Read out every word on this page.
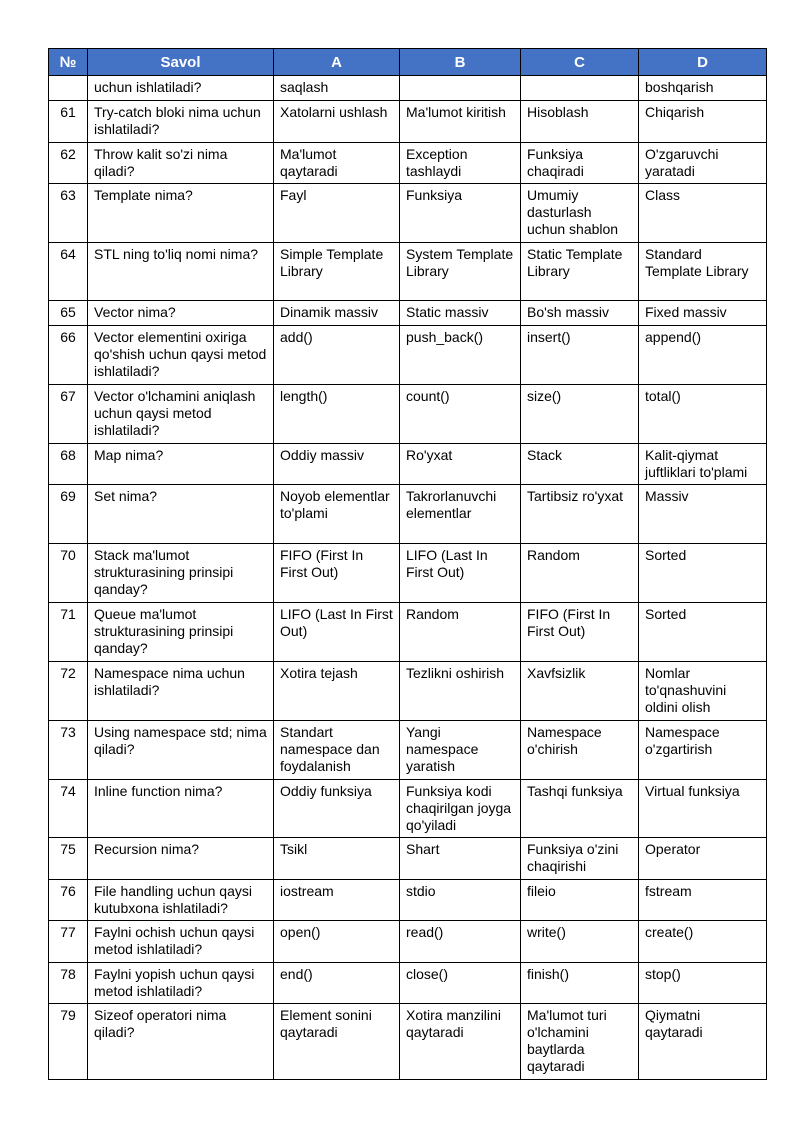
№	Savol	A	B	C	D
	uchun ishlatiladi?	saqlash			boshqarish
61	Try-catch bloki nima uchun ishlatiladi?	Xatolarni ushlash	Ma'lumot kiritish	Hisoblash	Chiqarish
62	Throw kalit so'zi nima qiladi?	Ma'lumot qaytaradi	Exception tashlaydi	Funksiya chaqiradi	O'zgaruvchi yaratadi
63	Template nima?	Fayl	Funksiya	Umumiy dasturlash uchun shablon	Class
64	STL ning to'liq nomi nima?	Simple Template Library	System Template Library	Static Template Library	Standard Template Library
65	Vector nima?	Dinamik massiv	Static massiv	Bo'sh massiv	Fixed massiv
66	Vector elementini oxiriga qo'shish uchun qaysi metod ishlatiladi?	add()	push_back()	insert()	append()
67	Vector o'lchamini aniqlash uchun qaysi metod ishlatiladi?	length()	count()	size()	total()
68	Map nima?	Oddiy massiv	Ro'yxat	Stack	Kalit-qiymat juftliklari to'plami
69	Set nima?	Noyob elementlar to'plami	Takrorlanuvchi elementlar	Tartibsiz ro'yxat	Massiv
70	Stack ma'lumot strukturasining prinsipi qanday?	FIFO (First In First Out)	LIFO (Last In First Out)	Random	Sorted
71	Queue ma'lumot strukturasining prinsipi qanday?	LIFO (Last In First Out)	Random	FIFO (First In First Out)	Sorted
72	Namespace nima uchun ishlatiladi?	Xotira tejash	Tezlikni oshirish	Xavfsizlik	Nomlar to'qnashuvini oldini olish
73	Using namespace std; nima qiladi?	Standart namespace dan foydalanish	Yangi namespace yaratish	Namespace o'chirish	Namespace o'zgartirish
74	Inline function nima?	Oddiy funksiya	Funksiya kodi chaqirilgan joyga qo'yiladi	Tashqi funksiya	Virtual funksiya
75	Recursion nima?	Tsikl	Shart	Funksiya o'zini chaqirishi	Operator
76	File handling uchun qaysi kutubxona ishlatiladi?	iostream	stdio	fileio	fstream
77	Faylni ochish uchun qaysi metod ishlatiladi?	open()	read()	write()	create()
78	Faylni yopish uchun qaysi metod ishlatiladi?	end()	close()	finish()	stop()
79	Sizeof operatori nima qiladi?	Element sonini qaytaradi	Xotira manzilini qaytaradi	Ma'lumot turi o'lchamini baytlarda qaytaradi	Qiymatni qaytaradi
